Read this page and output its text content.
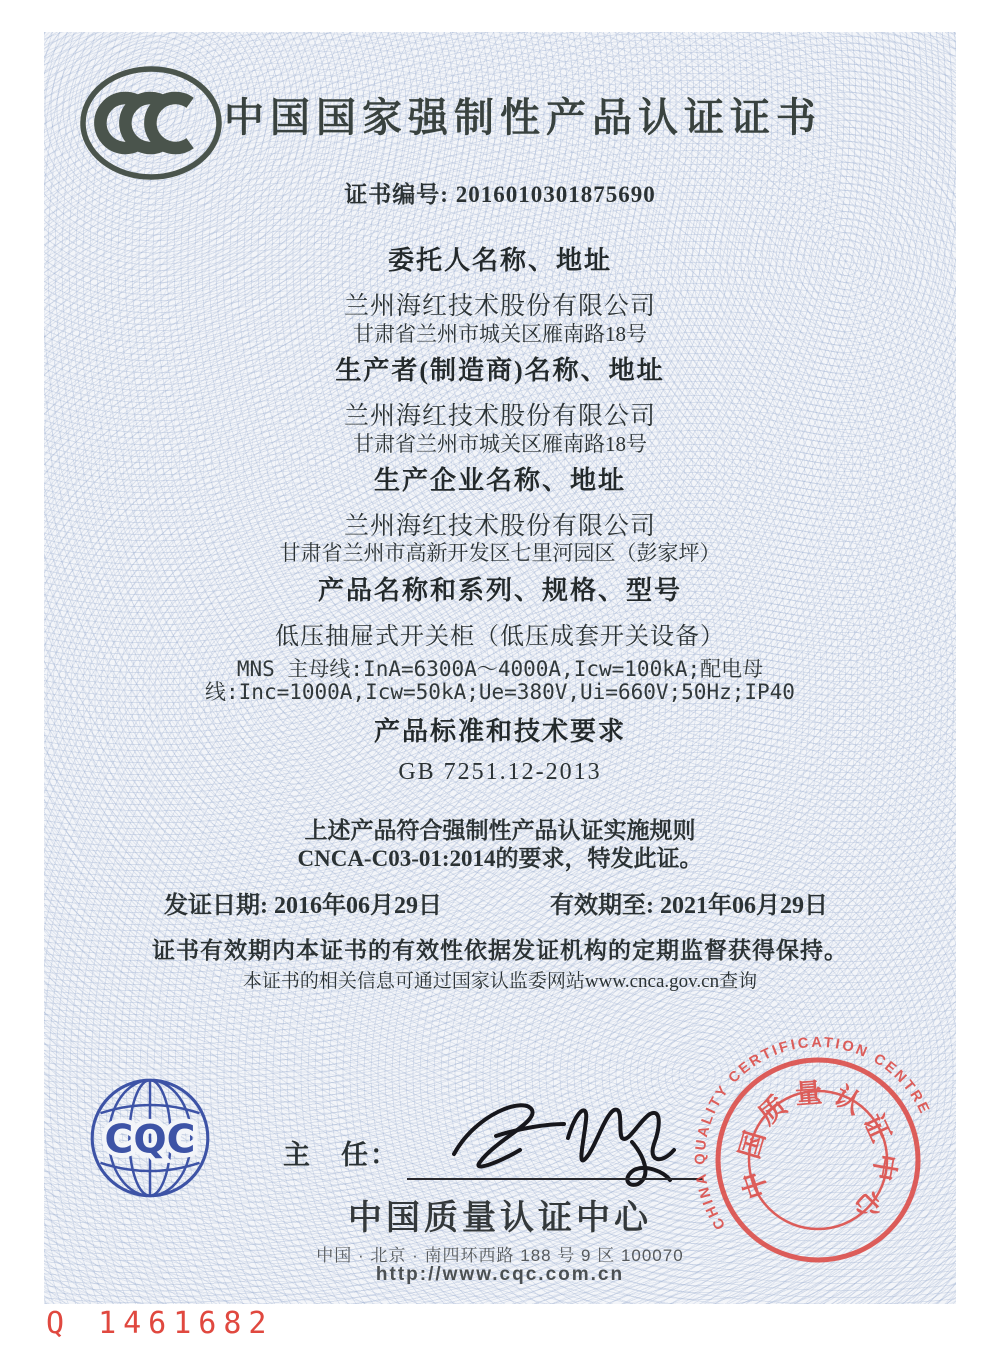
中国国家强制性产品认证证书
证书编号: 2016010301875690
委托人名称、地址
兰州海红技术股份有限公司
甘肃省兰州市城关区雁南路18号
生产者(制造商)名称、地址
兰州海红技术股份有限公司
甘肃省兰州市城关区雁南路18号
生产企业名称、地址
兰州海红技术股份有限公司
甘肃省兰州市高新开发区七里河园区（彭家坪）
产品名称和系列、规格、型号
低压抽屉式开关柜（低压成套开关设备）
MNS 主母线:InA=6300A～4000A,Icw=100kA;配电母
线:Inc=1000A,Icw=50kA;Ue=380V,Ui=660V;50Hz;IP40
产品标准和技术要求
GB 7251.12-2013
上述产品符合强制性产品认证实施规则
CNCA-C03-01:2014的要求，特发此证。
发证日期: 2016年06月29日	有效期至: 2021年06月29日
证书有效期内本证书的有效性依据发证机构的定期监督获得保持。
本证书的相关信息可通过国家认监委网站www.cnca.gov.cn查询
CQC	主　任：
中国质量认证中心
中国 · 北京 · 南四环西路 188 号 9 区 100070
http://www.cqc.com.cn
CHINA QUALITY CERTIFICATION CENTRE
中国质量认证中心
Q 1461682
